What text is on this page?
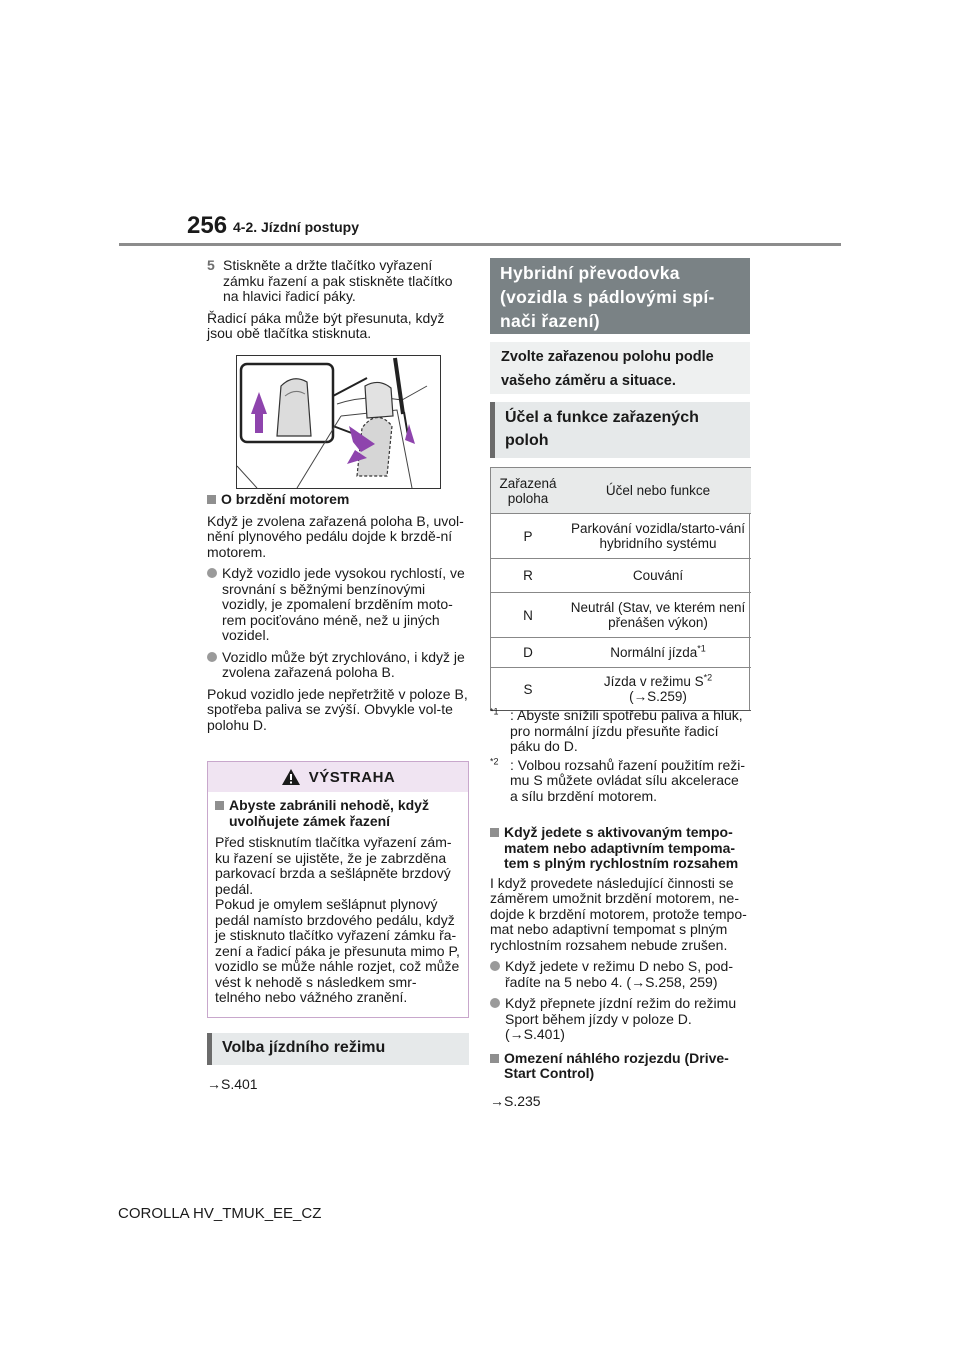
256 4-2. Jízdní postupy
5 Stiskněte a držte tlačítko vyřazení zámku řazení a pak stiskněte tlačítko na hlavici řadicí páky.
Řadicí páka může být přesunuta, když jsou obě tlačítka stisknuta.
O brzdění motorem
Když je zvolena zařazená poloha B, uvol-nění plynového pedálu dojde k brzdě-ní motorem.
Když vozidlo jede vysokou rychlostí, ve srovnání s běžnými benzínovými vozidly, je zpomalení brzděním moto-rem pociťováno méně, než u jiných vozidel.
Vozidlo může být zrychlováno, i když je zvolena zařazená poloha B.
Pokud vozidlo jede nepřetržitě v poloze B, spotřeba paliva se zvýší. Obvykle vol-te polohu D.
VÝSTRAHA
Abyste zabránili nehodě, když uvolňujete zámek řazení
Před stisknutím tlačítka vyřazení zám-ku řazení se ujistěte, že je zabrzděna parkovací brzda a sešlápněte brzdový pedál.
Pokud je omylem sešlápnut plynový pedál namísto brzdového pedálu, když je stisknuto tlačítko vyřazení zámku řa-zení a řadicí páka je přesunuta mimo P, vozidlo se může náhle rozjet, což může vést k nehodě s následkem smr-telného nebo vážného zranění.
Volba jízdního režimu
→S.401
Hybridní převodovka (vozidla s pádlovými spí-nači řazení)
Zvolte zařazenou polohu podle vašeho záměru a situace.
Účel a funkce zařazených poloh
Zařazená poloha	Účel nebo funkce
P	Parkování vozidla/starto-vání hybridního systému
R	Couvání
N	Neutrál (Stav, ve kterém není přenášen výkon)
D	Normální jízda$^{*1}$
S	Jízda v režimu $S^{*2}$
(→S.259)
$^{*1}$ : Abyste snížili spotřebu paliva a hluk, pro normální jízdu přesuňte řadicí páku do D.
$^{*2}$ : Volbou rozsahů řazení použitím reži-mu S můžete ovládat sílu akcelerace a sílu brzdění motorem.
Když jedete s aktivovaným tempo-matem nebo adaptivním tempoma-tem s plným rychlostním rozsahem
I když provedete následující činnosti se záměrem umožnit brzdění motorem, ne-dojde k brzdění motorem, protože tempo-mat nebo adaptivní tempomat s plným rychlostním rozsahem nebude zrušen.
Když jedete v režimu D nebo S, pod-řadíte na 5 nebo 4. (→S.258, 259)
Když přepnete jízdní režim do režimu Sport během jízdy v poloze D. (→S.401)
Omezení náhlého rozjezdu (Drive-Start Control)
→S.235
COROLLA HV_TMUK_EE_CZ
